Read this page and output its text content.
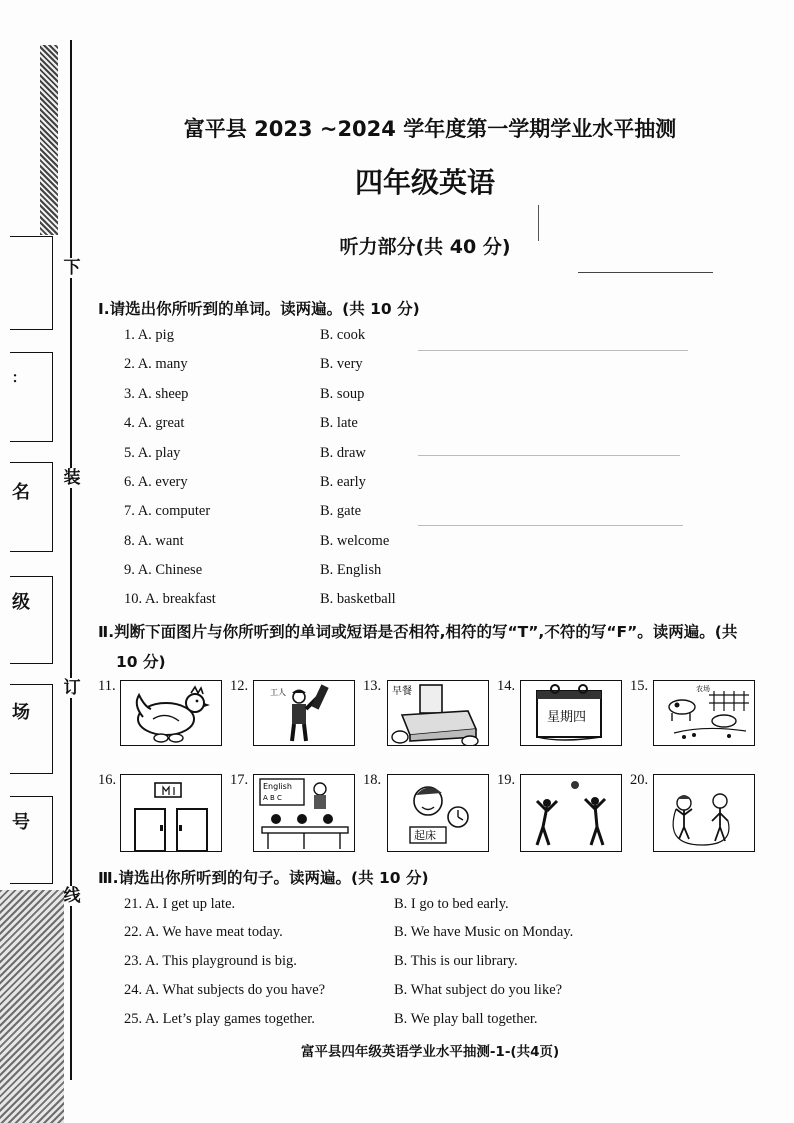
下
装
订
线
:
名
级
场
号
富平县 2023 ~2024 学年度第一学期学业水平抽测
四年级英语
听力部分(共 40 分)
Ⅰ.请选出你所听到的单词。读两遍。(共 10 分)
1. A. pig	B. cook
2. A. many	B. very
3. A. sheep	B. soup
4. A. great	B. late
5. A. play	B. draw
6. A. every	B. early
7. A. computer	B. gate
8. A. want	B. welcome
9. A. Chinese	B. English
10. A. breakfast	B. basketball
Ⅱ.判断下面图片与你所听到的单词或短语是否相符,相符的写“T”,不符的写“F”。读两遍。(共
10 分)
11.	12.	工人	13. 早餐	14.
星期四
15.	农场
16.	17. English
A B C
18.
起床
19.	20.
Ⅲ.请选出你所听到的句子。读两遍。(共 10 分)
21. A. I get up late.	B. I go to bed early.
22. A. We have meat today.	B. We have Music on Monday.
23. A. This playground is big.	B. This is our library.
24. A. What subjects do you have?	B. What subject do you like?
25. A. Let’s play games together.	B. We play ball together.
富平县四年级英语学业水平抽测-1-(共4页)
